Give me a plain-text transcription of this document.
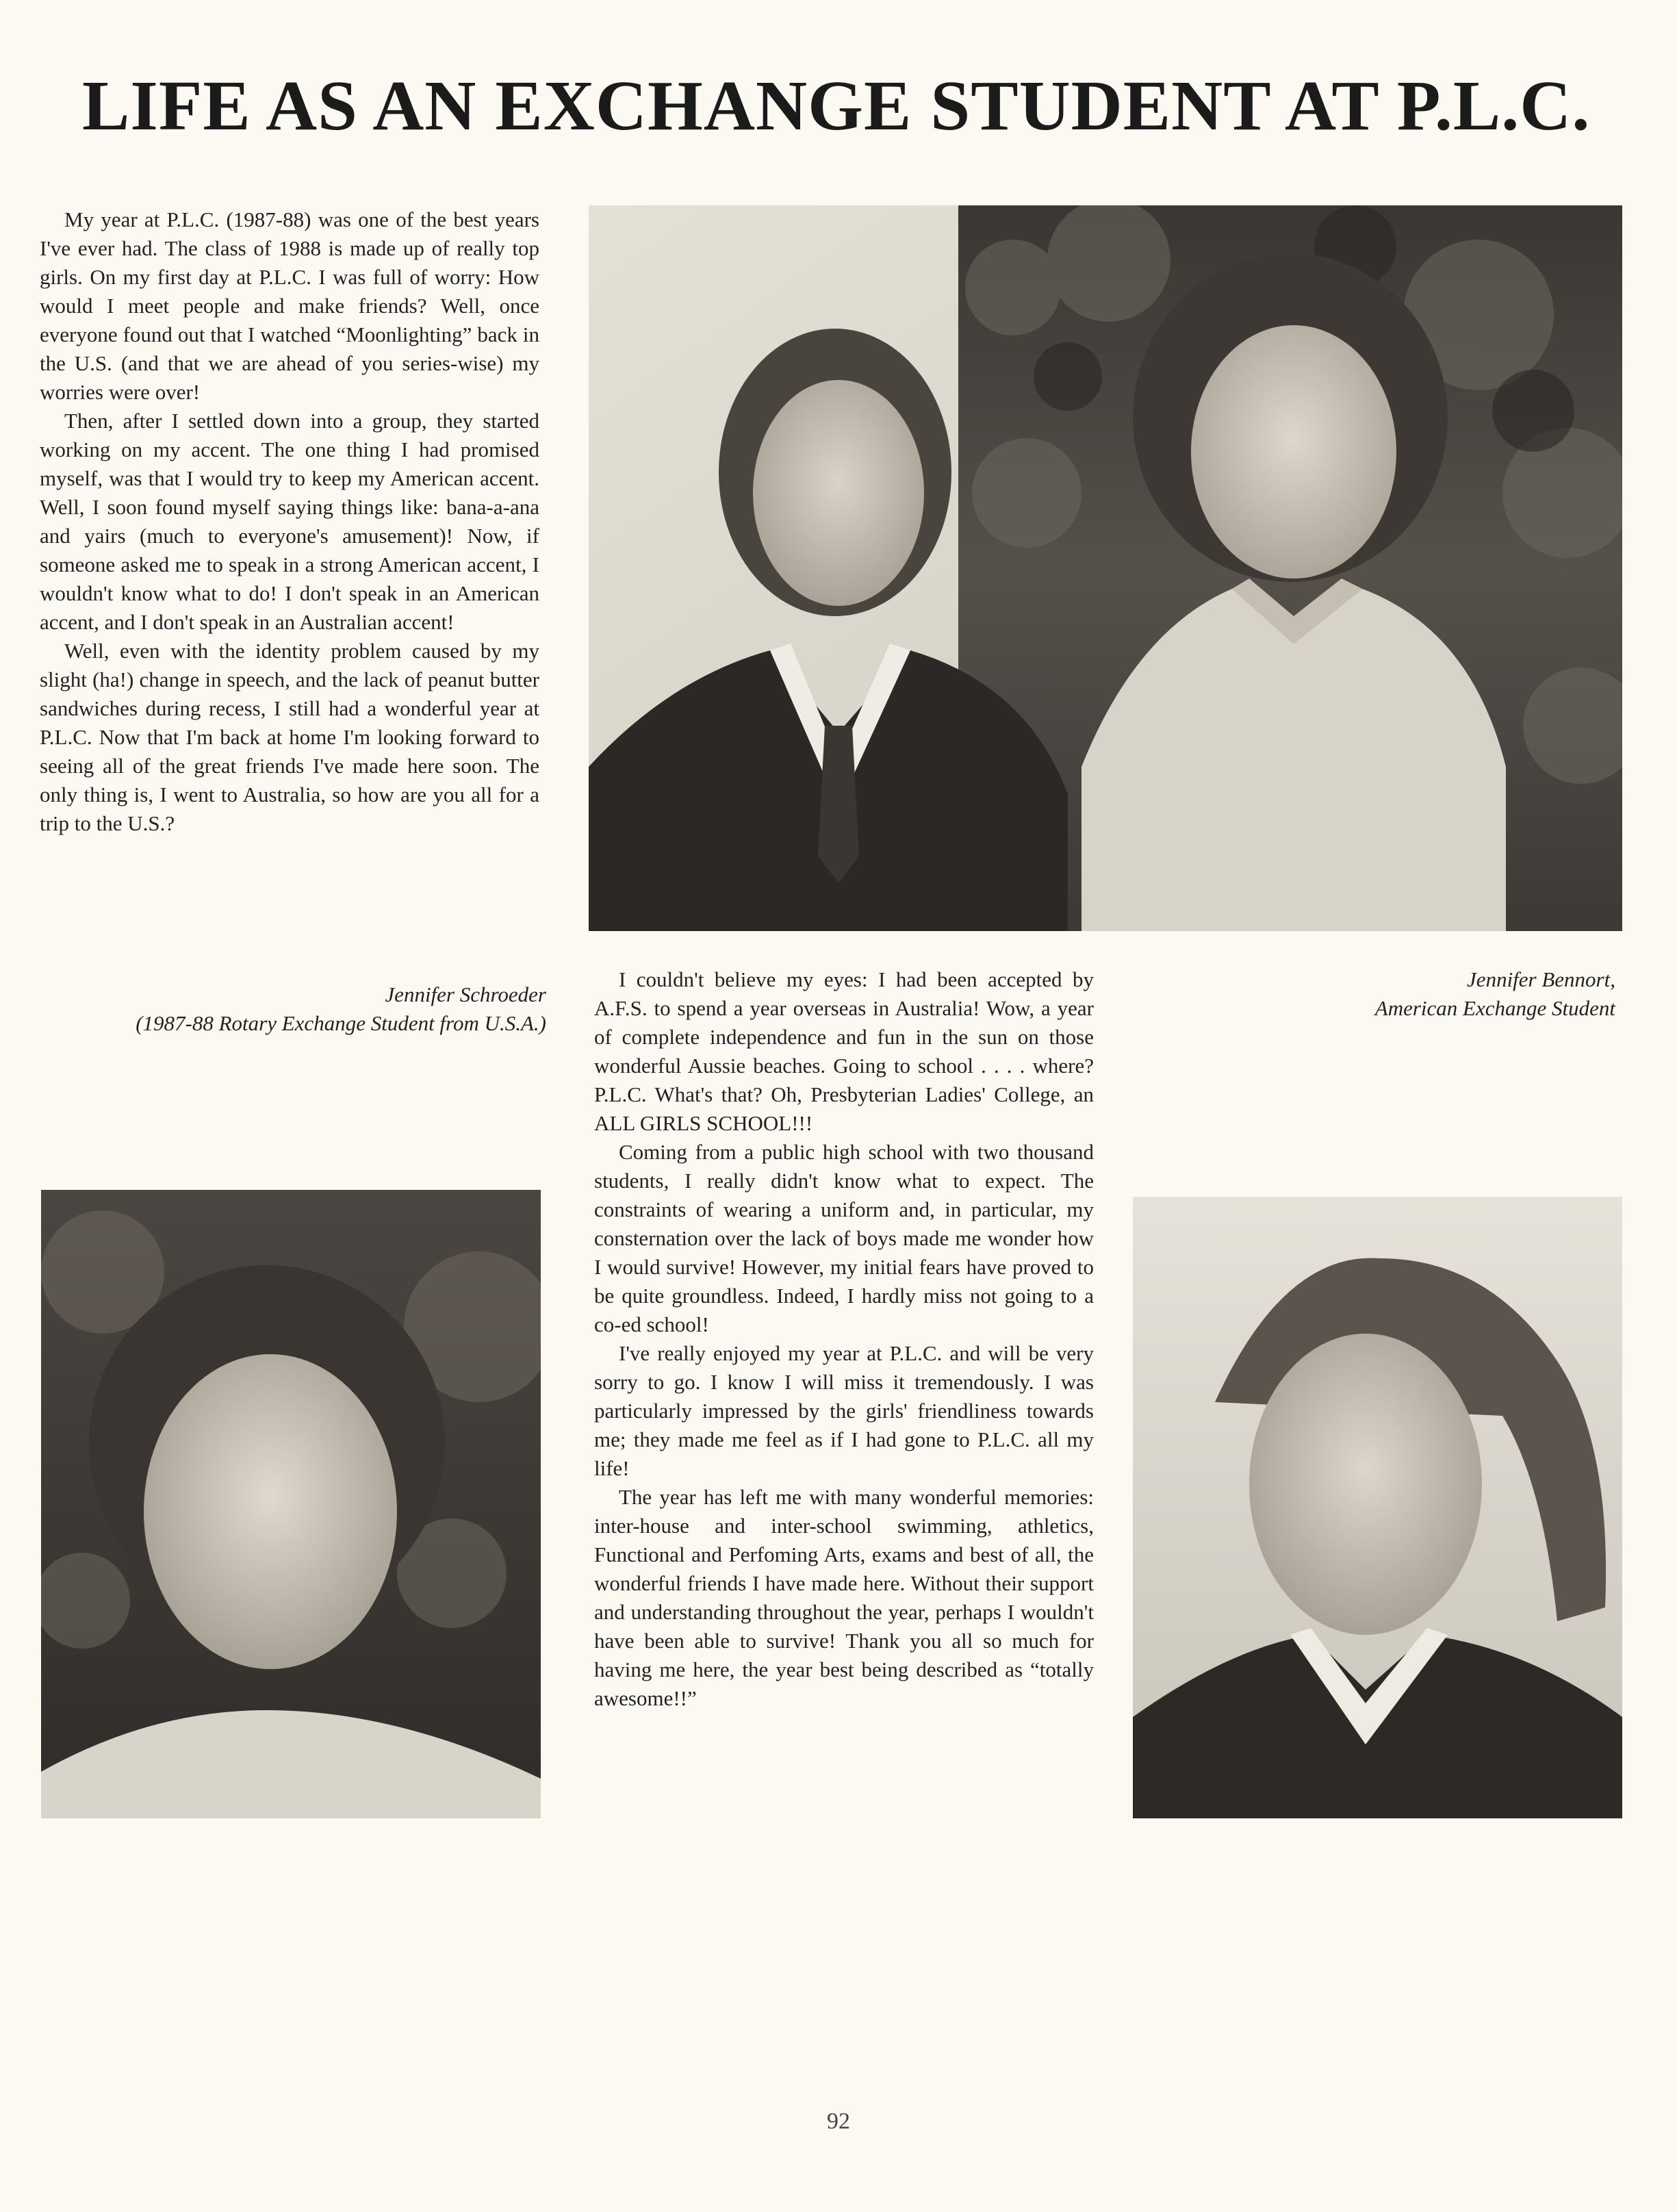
LIFE AS AN EXCHANGE STUDENT AT P.L.C.

My year at P.L.C. (1987-88) was one of the best years I've ever had. The class of 1988 is made up of really top girls. On my first day at P.L.C. I was full of worry: How would I meet people and make friends? Well, once everyone found out that I watched “Moonlighting” back in the U.S. (and that we are ahead of you series-wise) my worries were over!

Then, after I settled down into a group, they started working on my accent. The one thing I had promised myself, was that I would try to keep my American accent. Well, I soon found myself saying things like: bana-a-ana and yairs (much to everyone's amusement)! Now, if someone asked me to speak in a strong American accent, I wouldn't know what to do! I don't speak in an American accent, and I don't speak in an Australian accent!

Well, even with the identity problem caused by my slight (ha!) change in speech, and the lack of peanut butter sandwiches during recess, I still had a wonderful year at P.L.C. Now that I'm back at home I'm looking forward to seeing all of the great friends I've made here soon. The only thing is, I went to Australia, so how are you all for a trip to the U.S.?

Jennifer Schroeder
(1987-88 Rotary Exchange Student from U.S.A.)

I couldn't believe my eyes: I had been accepted by A.F.S. to spend a year overseas in Australia! Wow, a year of complete independence and fun in the sun on those wonderful Aussie beaches. Going to school . . . . where? P.L.C. What's that? Oh, Presbyterian Ladies' College, an ALL GIRLS SCHOOL!!!

Coming from a public high school with two thousand students, I really didn't know what to expect. The constraints of wearing a uniform and, in particular, my consternation over the lack of boys made me wonder how I would survive! However, my initial fears have proved to be quite groundless. Indeed, I hardly miss not going to a co-ed school!

I've really enjoyed my year at P.L.C. and will be very sorry to go. I know I will miss it tremendously. I was particularly impressed by the girls' friendliness towards me; they made me feel as if I had gone to P.L.C. all my life!

The year has left me with many wonderful memories: inter-house and inter-school swimming, athletics, Functional and Perfoming Arts, exams and best of all, the wonderful friends I have made here. Without their support and understanding throughout the year, perhaps I wouldn't have been able to survive! Thank you all so much for having me here, the year best being described as “totally awesome!!”

Jennifer Bennort,
American Exchange Student
92
